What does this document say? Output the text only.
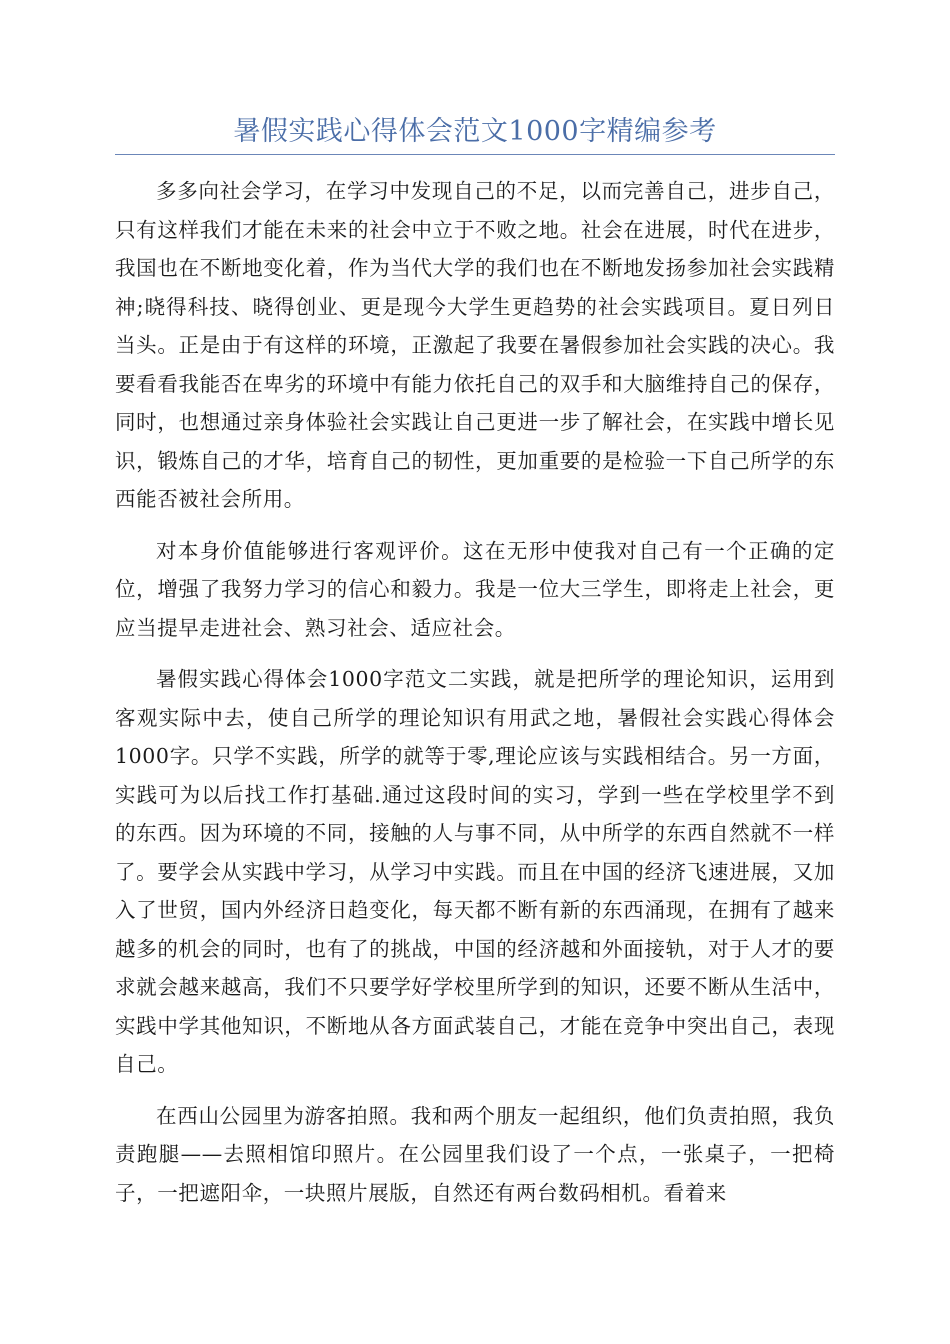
暑假实践心得体会范文1000字精编参考

多多向社会学习，在学习中发现自己的不足，以而完善自己，进步自己，只有这样我们才能在未来的社会中立于不败之地。社会在进展，时代在进步，我国也在不断地变化着，作为当代大学的我们也在不断地发扬参加社会实践精神;晓得科技、晓得创业、更是现今大学生更趋势的社会实践项目。夏日列日当头。正是由于有这样的环境，正激起了我要在暑假参加社会实践的决心。我要看看我能否在卑劣的环境中有能力依托自己的双手和大脑维持自己的保存，同时，也想通过亲身体验社会实践让自己更进一步了解社会，在实践中增长见识，锻炼自己的才华，培育自己的韧性，更加重要的是检验一下自己所学的东西能否被社会所用。

对本身价值能够进行客观评价。这在无形中使我对自己有一个正确的定位，增强了我努力学习的信心和毅力。我是一位大三学生，即将走上社会，更应当提早走进社会、熟习社会、适应社会。

暑假实践心得体会1000字范文二实践，就是把所学的理论知识，运用到客观实际中去，使自己所学的理论知识有用武之地，暑假社会实践心得体会1000字。只学不实践，所学的就等于零,理论应该与实践相结合。另一方面，实践可为以后找工作打基础.通过这段时间的实习，学到一些在学校里学不到的东西。因为环境的不同，接触的人与事不同，从中所学的东西自然就不一样了。要学会从实践中学习，从学习中实践。而且在中国的经济飞速进展，又加入了世贸，国内外经济日趋变化，每天都不断有新的东西涌现，在拥有了越来越多的机会的同时，也有了的挑战，中国的经济越和外面接轨，对于人才的要求就会越来越高，我们不只要学好学校里所学到的知识，还要不断从生活中，实践中学其他知识，不断地从各方面武装自己，才能在竞争中突出自己，表现自己。

在西山公园里为游客拍照。我和两个朋友一起组织，他们负责拍照，我负责跑腿——去照相馆印照片。在公园里我们设了一个点，一张桌子，一把椅子，一把遮阳伞，一块照片展版，自然还有两台数码相机。看着来
